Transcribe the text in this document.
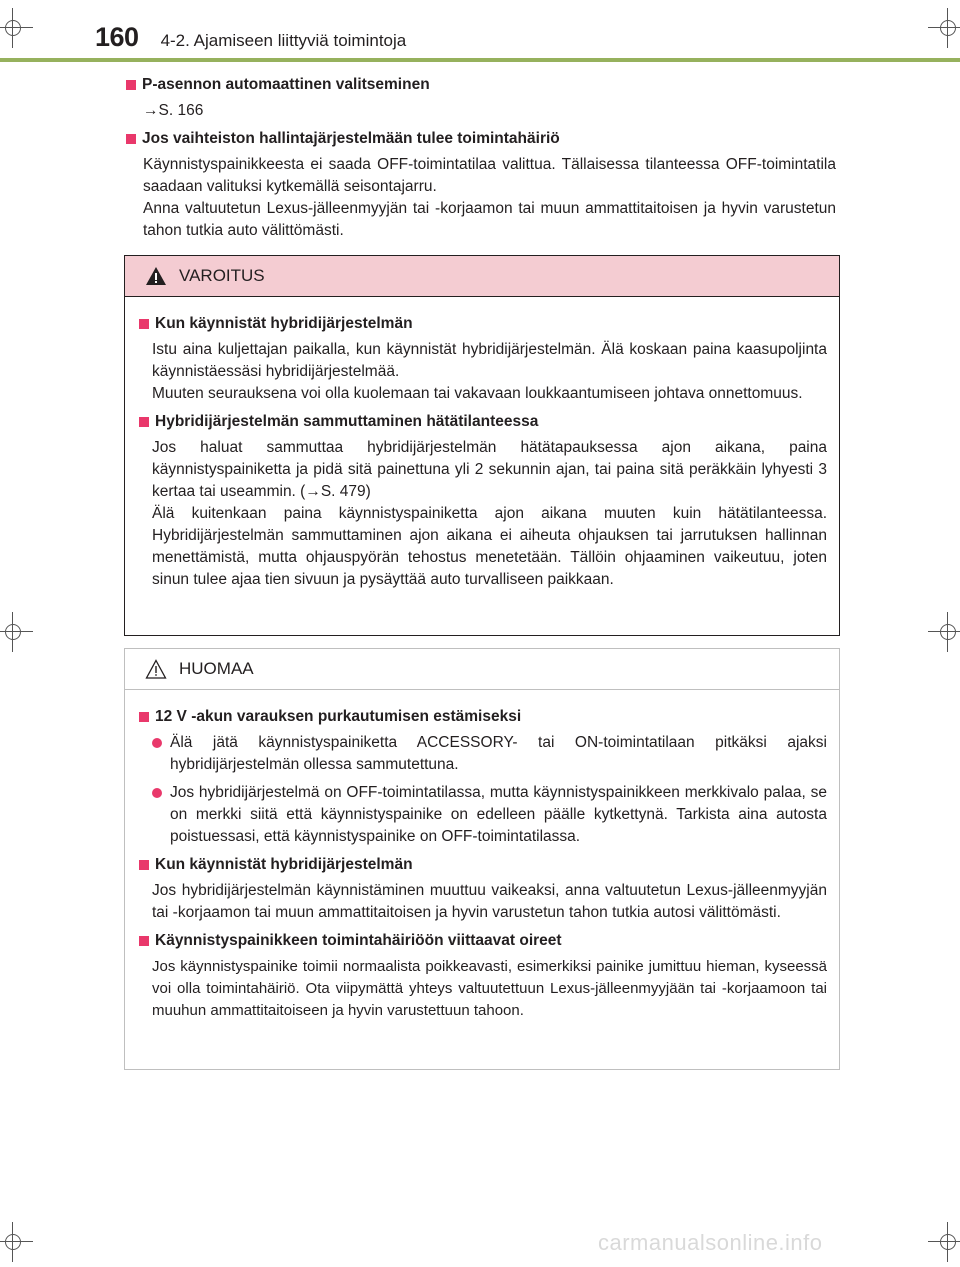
160 4-2. Ajamiseen liittyviä toimintoja
P-asennon automaattinen valitseminen
→S. 166
Jos vaihteiston hallintajärjestelmään tulee toimintahäiriö
Käynnistyspainikkeesta ei saada OFF-toimintatilaa valittua. Tällaisessa tilanteessa OFF-toimintatila saadaan valituksi kytkemällä seisontajarru.
Anna valtuutetun Lexus-jälleenmyyjän tai -korjaamon tai muun ammattitaitoisen ja hyvin varustetun tahon tutkia auto välittömästi.
VAROITUS
Kun käynnistät hybridijärjestelmän
Istu aina kuljettajan paikalla, kun käynnistät hybridijärjestelmän. Älä koskaan paina kaasupoljinta käynnistäessäsi hybridijärjestelmää.
Muuten seurauksena voi olla kuolemaan tai vakavaan loukkaantumiseen johtava onnettomuus.
Hybridijärjestelmän sammuttaminen hätätilanteessa
Jos haluat sammuttaa hybridijärjestelmän hätätapauksessa ajon aikana, paina käynnistyspainiketta ja pidä sitä painettuna yli 2 sekunnin ajan, tai paina sitä peräkkäin lyhyesti 3 kertaa tai useammin. (→S. 479)
Älä kuitenkaan paina käynnistyspainiketta ajon aikana muuten kuin hätätilanteessa. Hybridijärjestelmän sammuttaminen ajon aikana ei aiheuta ohjauksen tai jarrutuksen hallinnan menettämistä, mutta ohjauspyörän tehostus menetetään. Tällöin ohjaaminen vaikeutuu, joten sinun tulee ajaa tien sivuun ja pysäyttää auto turvalliseen paikkaan.
HUOMAA
12 V -akun varauksen purkautumisen estämiseksi
Älä jätä käynnistyspainiketta ACCESSORY- tai ON-toimintatilaan pitkäksi ajaksi hybridijärjestelmän ollessa sammutettuna.
Jos hybridijärjestelmä on OFF-toimintatilassa, mutta käynnistyspainikkeen merkkivalo palaa, se on merkki siitä että käynnistyspainike on edelleen päälle kytkettynä. Tarkista aina autosta poistuessasi, että käynnistyspainike on OFF-toimintatilassa.
Kun käynnistät hybridijärjestelmän
Jos hybridijärjestelmän käynnistäminen muuttuu vaikeaksi, anna valtuutetun Lexus-jälleenmyyjän tai -korjaamon tai muun ammattitaitoisen ja hyvin varustetun tahon tutkia autosi välittömästi.
Käynnistyspainikkeen toimintahäiriöön viittaavat oireet
Jos käynnistyspainike toimii normaalista poikkeavasti, esimerkiksi painike jumittuu hieman, kyseessä voi olla toimintahäiriö. Ota viipymättä yhteys valtuutettuun Lexus-jälleenmyyjään tai -korjaamoon tai muuhun ammattitaitoiseen ja hyvin varustettuun tahoon.
carmanualsonline.info
